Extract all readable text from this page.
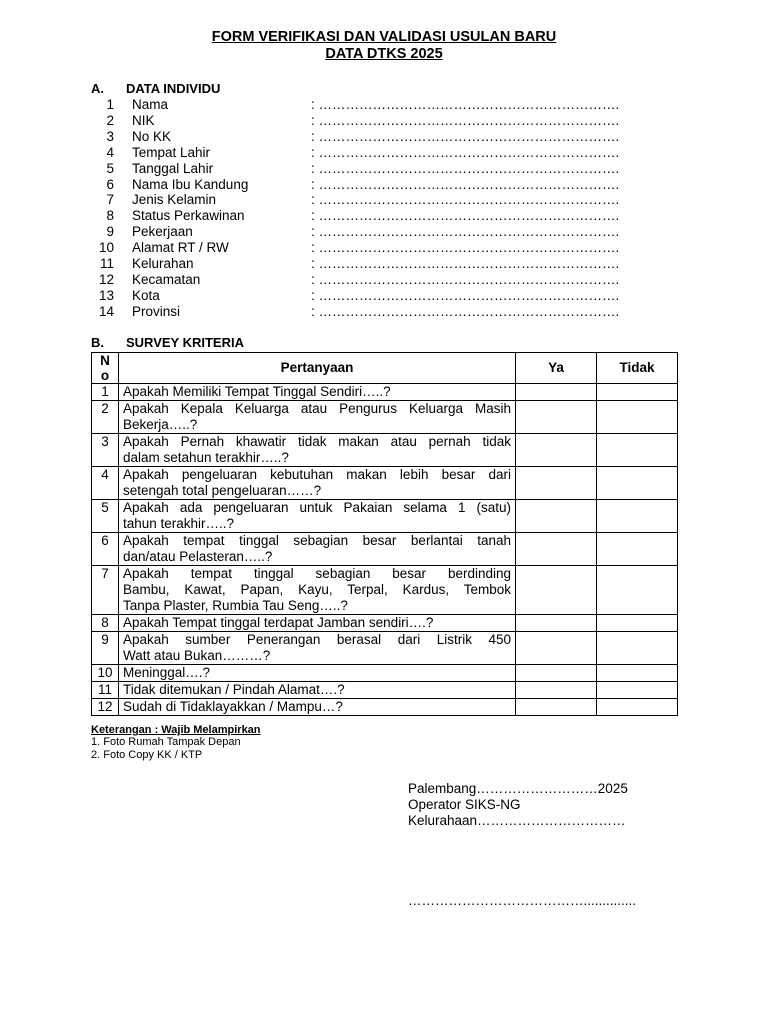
FORM VERIFIKASI DAN VALIDASI USULAN BARU
DATA DTKS 2025
A. DATA INDIVIDU
1 Nama	: ………………………………………………………….
2 NIK	: ………………………………………………………….
3 No KK	: ………………………………………………………….
4 Tempat Lahir	: ………………………………………………………….
5 Tanggal Lahir	: ………………………………………………………….
6 Nama Ibu Kandung	: ………………………………………………………….
7 Jenis Kelamin	: ………………………………………………………….
8 Status Perkawinan	: ………………………………………………………….
9 Pekerjaan	: ………………………………………………………….
10 Alamat RT / RW	: ………………………………………………………….
11 Kelurahan	: ………………………………………………………….
12 Kecamatan	: ………………………………………………………….
13 Kota	: ………………………………………………………….
14 Provinsi	: ………………………………………………………….
B. SURVEY KRITERIA
N
o	Pertanyaan	Ya	Tidak
1	Apakah Memiliki Tempat Tinggal Sendiri…..?		

2	Apakah Kepala Keluarga atau Pengurus Keluarga Masih
Bekerja…..?		

3	Apakah Pernah khawatir tidak makan atau pernah tidak
dalam setahun terakhir…..?		

4	Apakah pengeluaran kebutuhan makan lebih besar dari
setengah total pengeluaran……?		

5	Apakah ada pengeluaran untuk Pakaian selama 1 (satu)
tahun terakhir…..?		

6	Apakah tempat tinggal sebagian besar berlantai tanah
dan/atau Pelasteran…..?		

7	Apakah tempat tinggal sebagian besar berdinding
Bambu, Kawat, Papan, Kayu, Terpal, Kardus, Tembok
Tanpa Plaster, Rumbia Tau Seng…..?		

8	Apakah Tempat tinggal terdapat Jamban sendiri….?		

9	Apakah sumber Penerangan berasal dari Listrik 450
Watt atau Bukan………?		

10	Meninggal….?		

11	Tidak ditemukan / Pindah Alamat….?		

12	Sudah di Tidaklayakkan / Mampu…?		

Keterangan : Wajib Melampirkan
1. Foto Rumah Tampak Depan
2. Foto Copy KK / KTP
Palembang………………………2025
Operator SIKS-NG
Kelurahaan……………………………
…………………………………..............
